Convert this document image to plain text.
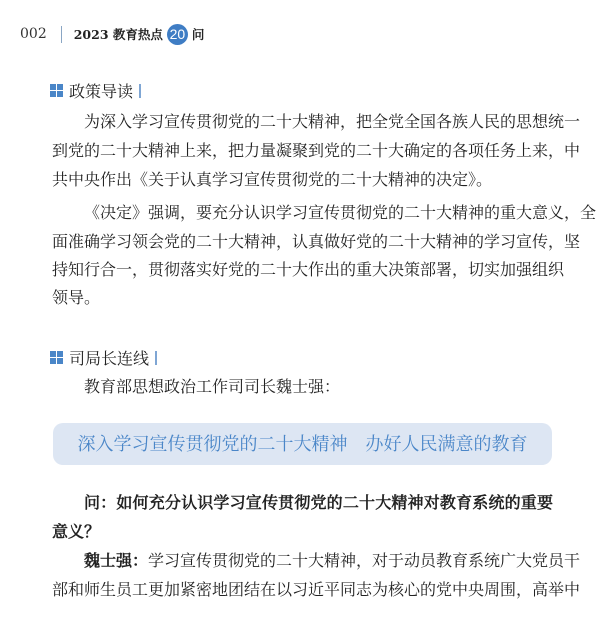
002 2023 教育热点 20 问
政策导读
为深入学习宣传贯彻党的二十大精神，把全党全国各族人民的思想统一
到党的二十大精神上来，把力量凝聚到党的二十大确定的各项任务上来，中
共中央作出《关于认真学习宣传贯彻党的二十大精神的决定》。
《决定》强调，要充分认识学习宣传贯彻党的二十大精神的重大意义，全
面准确学习领会党的二十大精神，认真做好党的二十大精神的学习宣传，坚
持知行合一，贯彻落实好党的二十大作出的重大决策部署，切实加强组织
领导。
司局长连线
教育部思想政治工作司司长魏士强：
深入学习宣传贯彻党的二十大精神　办好人民满意的教育
问：如何充分认识学习宣传贯彻党的二十大精神对教育系统的重要
意义？
魏士强： 学习宣传贯彻党的二十大精神，对于动员教育系统广大党员干
部和师生员工更加紧密地团结在以习近平同志为核心的党中央周围，高举中
